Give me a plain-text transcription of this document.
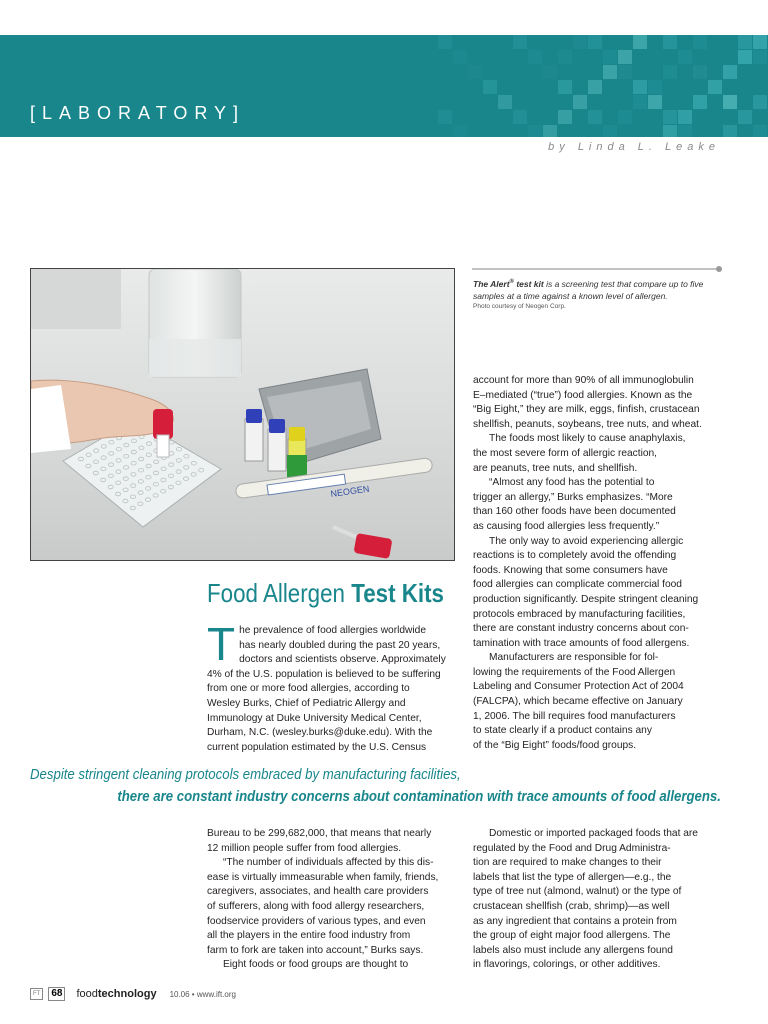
[LABORATORY]
by Linda L. Leake
NEOGEN
The Alert® test kit is a screening test that compare up to five samples at a time against a known level of allergen.
Photo courtesy of Neogen Corp.
Food Allergen Test Kits
T he prevalence of food allergies worldwide
has nearly doubled during the past 20 years,
doctors and scientists observe. Approximately
4% of the U.S. population is believed to be suffering
from one or more food allergies, according to
Wesley Burks, Chief of Pediatric Allergy and
Immunology at Duke University Medical Center,
Durham, N.C. (wesley.burks@duke.edu). With the
current population estimated by the U.S. Census
account for more than 90% of all immunoglobulin
E–mediated (“true”) food allergies. Known as the
“Big Eight,” they are milk, eggs, finfish, crustacean
shellfish, peanuts, soybeans, tree nuts, and wheat.
The foods most likely to cause anaphylaxis,
the most severe form of allergic reaction,
are peanuts, tree nuts, and shellfish.
“Almost any food has the potential to
trigger an allergy,” Burks emphasizes. “More
than 160 other foods have been documented
as causing food allergies less frequently.”
The only way to avoid experiencing allergic
reactions is to completely avoid the offending
foods. Knowing that some consumers have
food allergies can complicate commercial food
production significantly. Despite stringent cleaning
protocols embraced by manufacturing facilities,
there are constant industry concerns about con-
tamination with trace amounts of food allergens.
Manufacturers are responsible for fol-
lowing the requirements of the Food Allergen
Labeling and Consumer Protection Act of 2004
(FALCPA), which became effective on January
1, 2006. The bill requires food manufacturers
to state clearly if a product contains any
of the “Big Eight” foods/food groups.
Despite stringent cleaning protocols embraced by manufacturing facilities,
there are constant industry concerns about contamination with trace amounts of food allergens.
Bureau to be 299,682,000, that means that nearly
12 million people suffer from food allergies.
“The number of individuals affected by this dis-
ease is virtually immeasurable when family, friends,
caregivers, associates, and health care providers
of sufferers, along with food allergy researchers,
foodservice providers of various types, and even
all the players in the entire food industry from
farm to fork are taken into account,” Burks says.
Eight foods or food groups are thought to
Domestic or imported packaged foods that are
regulated by the Food and Drug Administra-
tion are required to make changes to their
labels that list the type of allergen—e.g., the
type of tree nut (almond, walnut) or the type of
crustacean shellfish (crab, shrimp)—as well
as any ingredient that contains a protein from
the group of eight major food allergens. The
labels also must include any allergens found
in flavorings, colorings, or other additives.
FT	68 foodtechnology 10.06 • www.ift.org
